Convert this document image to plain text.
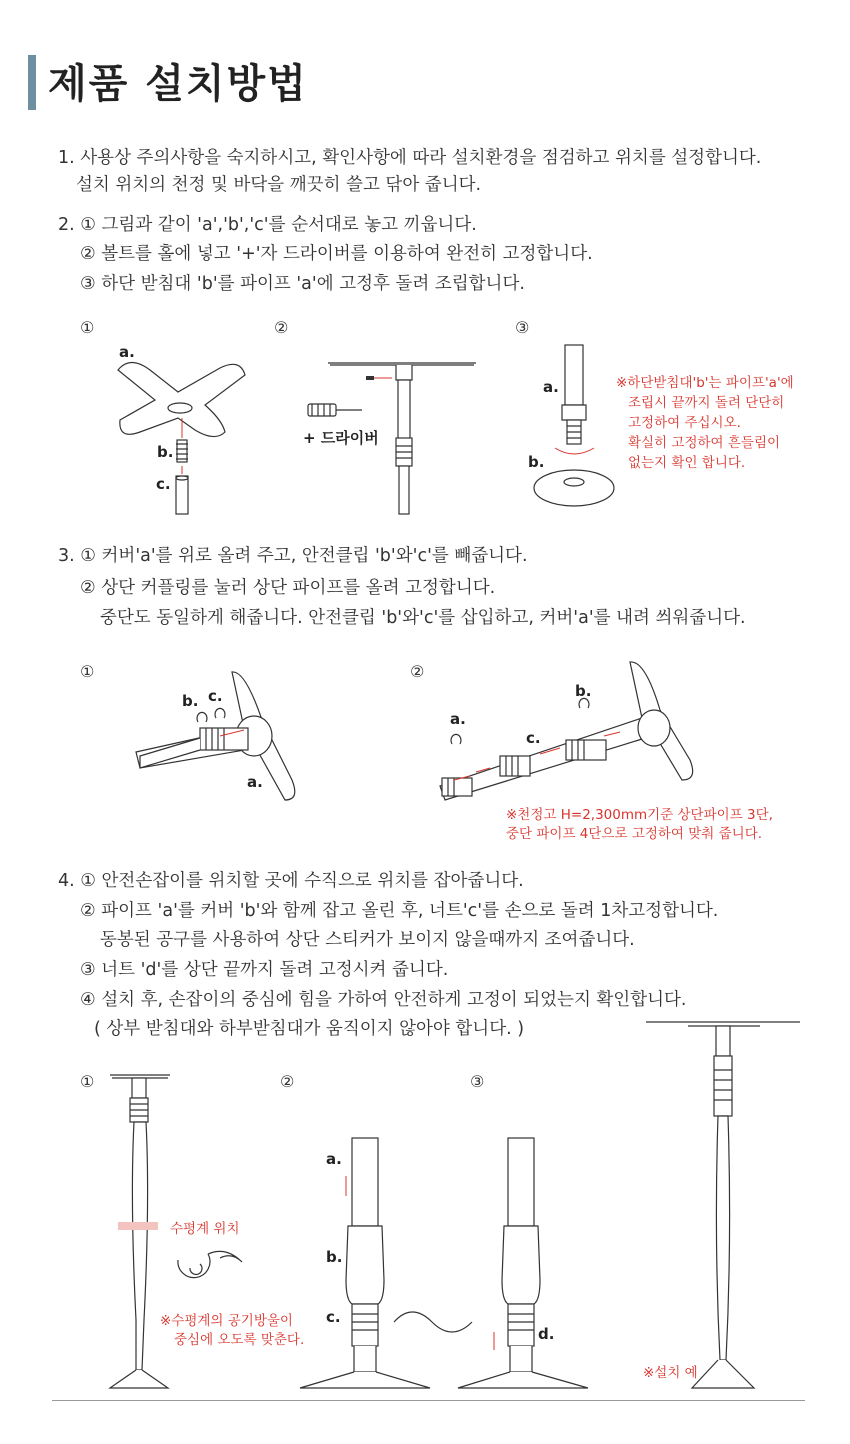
제품 설치방법
1. 사용상 주의사항을 숙지하시고, 확인사항에 따라 설치환경을 점검하고 위치를 설정합니다.
설치 위치의 천정 및 바닥을 깨끗히 쓸고 닦아 줍니다.
2. ① 그림과 같이 'a','b','c'를 순서대로 놓고 끼웁니다.
② 볼트를 홀에 넣고 '+'자 드라이버를 이용하여 완전히 고정합니다.
③ 하단 받침대 'b'를 파이프 'a'에 고정후 돌려 조립합니다.
①	②	③
a.
b.
c.
+ 드라이버
a.
b.
※하단받침대'b'는 파이프'a'에
조립시 끝까지 돌려 단단히
고정하여 주십시오.
확실히 고정하여 흔들림이
없는지 확인 합니다.
3. ① 커버'a'를 위로 올려 주고, 안전클립 'b'와'c'를 빼줍니다.
② 상단 커플링를 눌러 상단 파이프를 올려 고정합니다.
중단도 동일하게 해줍니다. 안전클립 'b'와'c'를 삽입하고, 커버'a'를 내려 씌워줍니다.
①	②
b. c.
a.
b.
a.
c.
※천정고 H=2,300mm기준 상단파이프 3단,
중단 파이프 4단으로 고정하여 맞춰 줍니다.
4. ① 안전손잡이를 위치할 곳에 수직으로 위치를 잡아줍니다.
② 파이프 'a'를 커버 'b'와 함께 잡고 올린 후, 너트'c'를 손으로 돌려 1차고정합니다.
동봉된 공구를 사용하여 상단 스티커가 보이지 않을때까지 조여줍니다.
③ 너트 'd'를 상단 끝까지 돌려 고정시켜 줍니다.
④ 설치 후, 손잡이의 중심에 힘을 가하여 안전하게 고정이 되었는지 확인합니다.
( 상부 받침대와 하부받침대가 움직이지 않아야 합니다. )
①	②	③
수평계 위치
※수평계의 공기방울이
중심에 오도록 맞춘다.
a.
b.
c.
d.
※설치 예
